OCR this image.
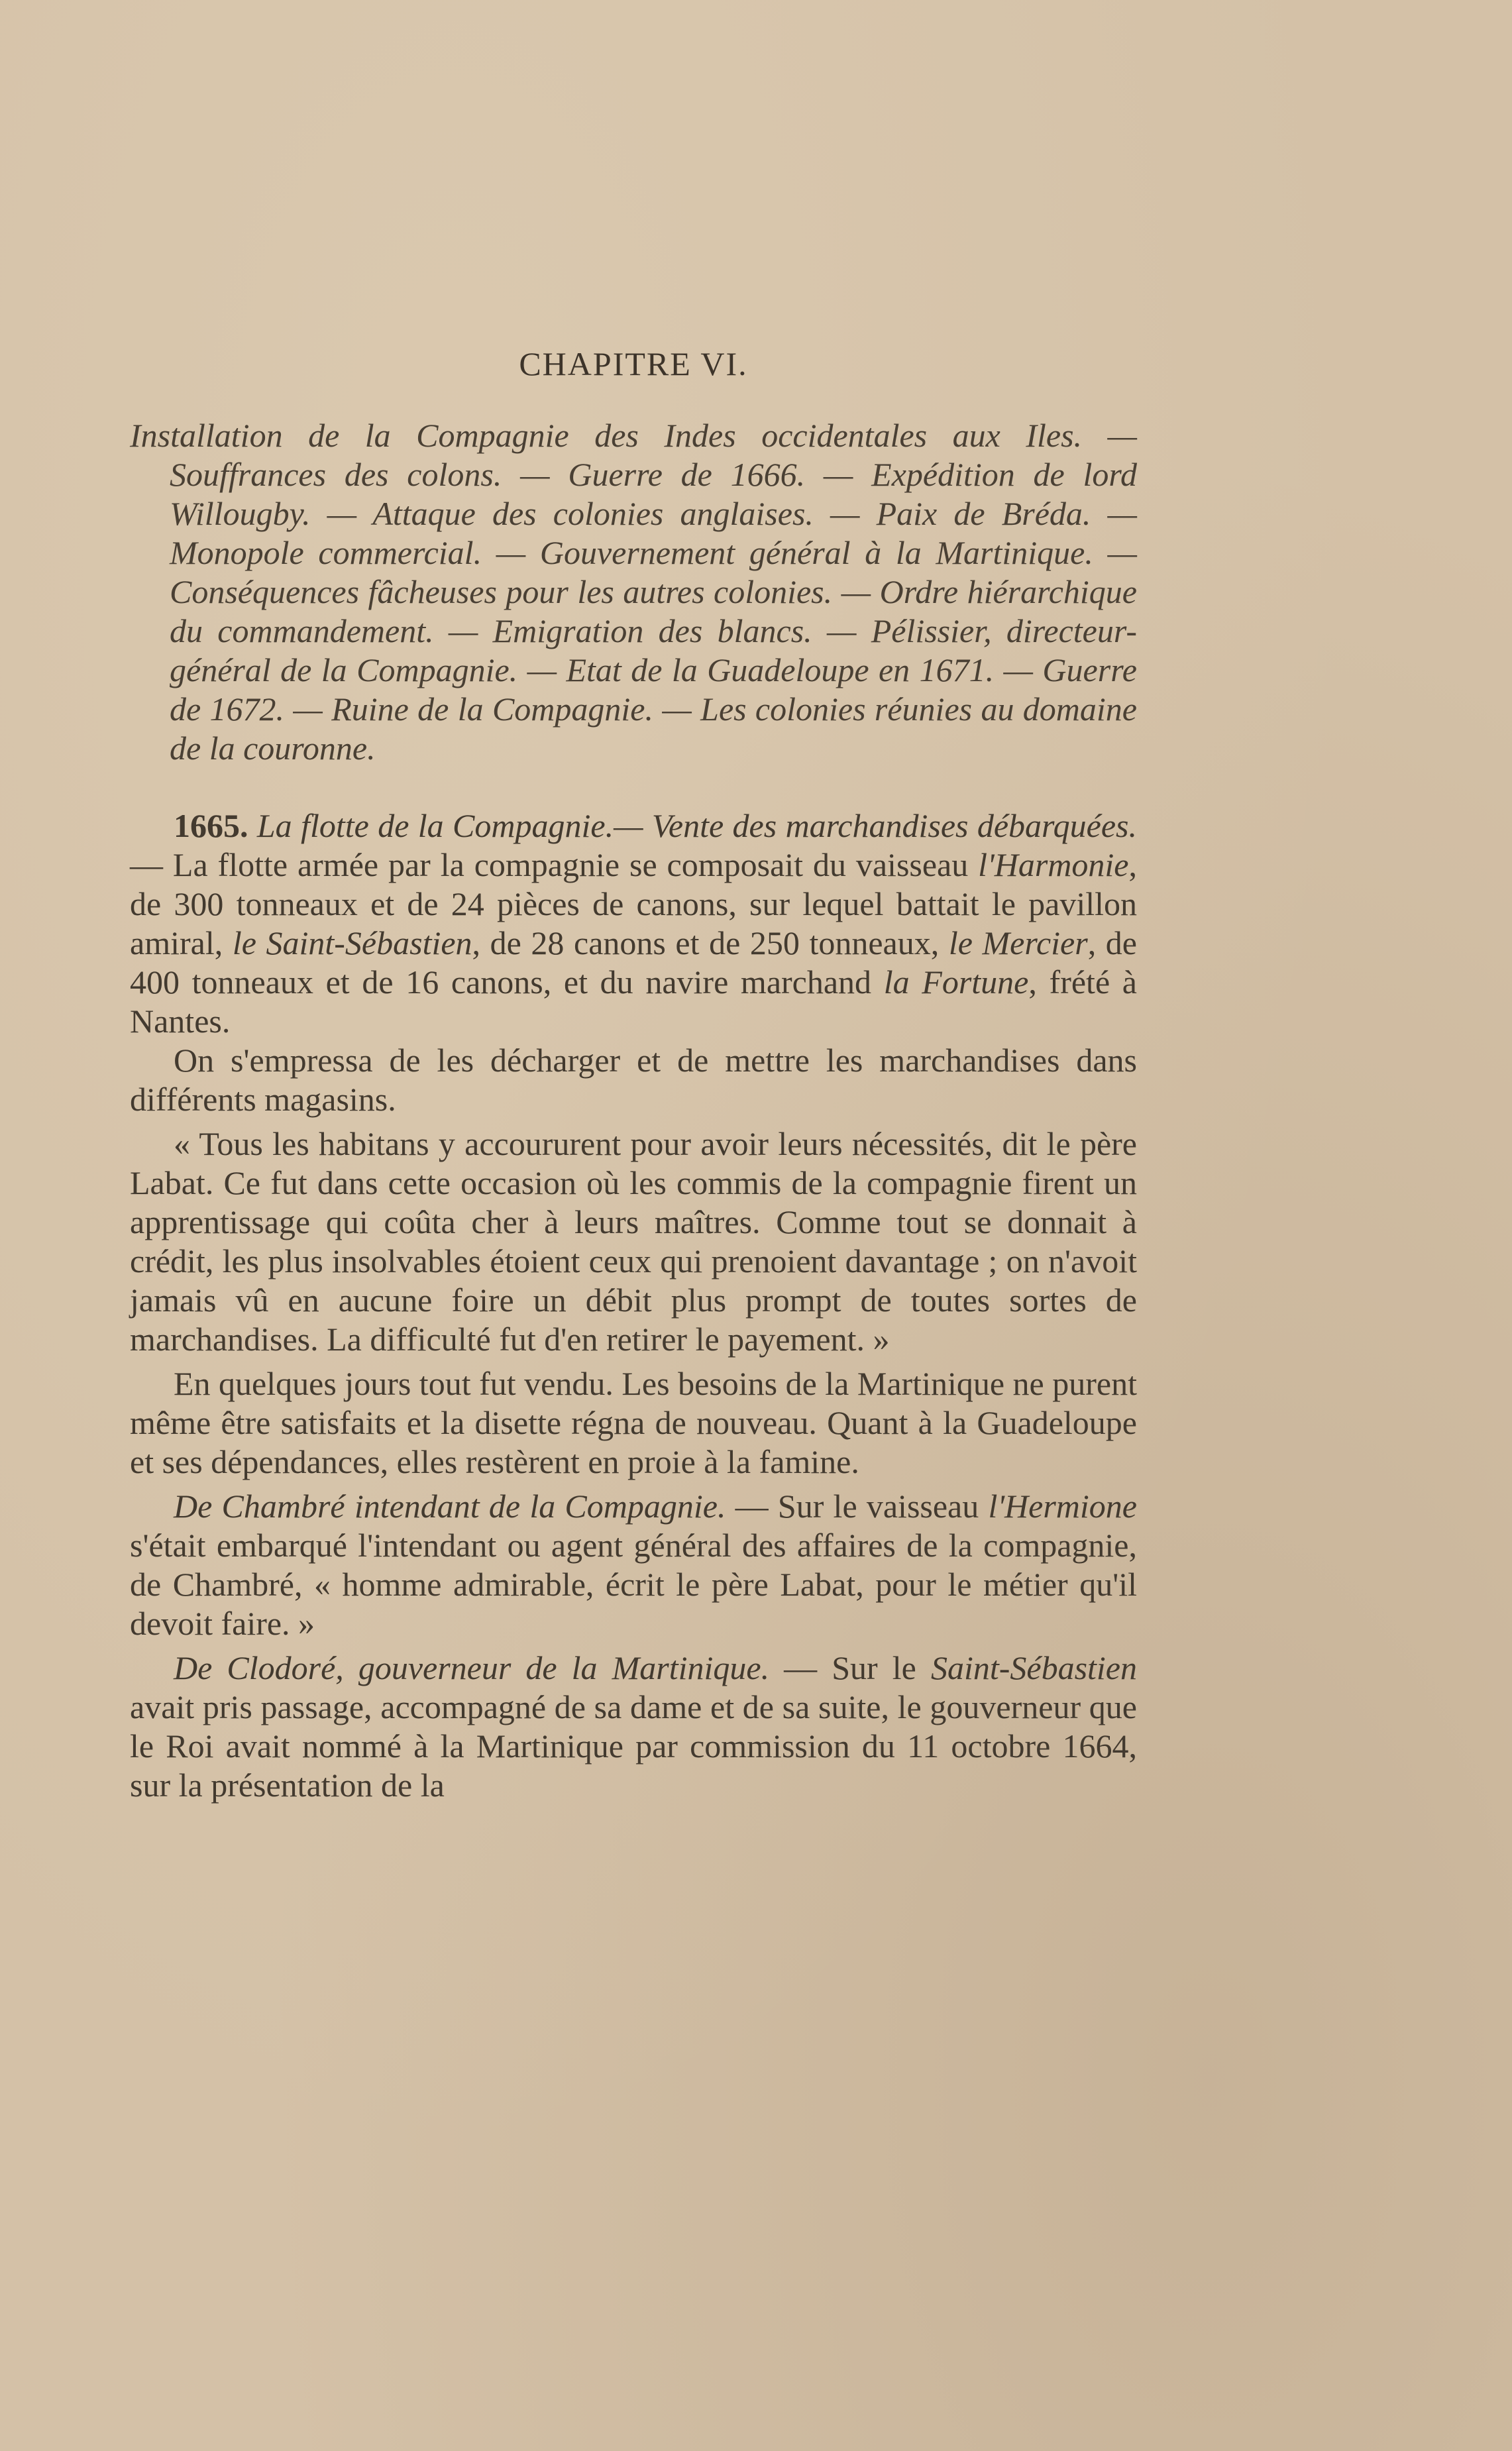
CHAPITRE VI.

Installation de la Compagnie des Indes occidentales aux Iles. — Souffrances des colons. — Guerre de 1666. — Expédition de lord Willougby. — Attaque des colonies anglaises. — Paix de Bréda. — Monopole commercial. — Gouvernement général à la Martinique. — Conséquences fâcheuses pour les autres colonies. — Ordre hiérarchique du commandement. — Emigration des blancs. — Pélissier, directeur-général de la Compagnie. — Etat de la Guadeloupe en 1671. — Guerre de 1672. — Ruine de la Compagnie. — Les colonies réunies au domaine de la couronne.

1665. La flotte de la Compagnie.— Vente des marchandises débarquées. — La flotte armée par la compagnie se composait du vaisseau l'Harmonie, de 300 tonneaux et de 24 pièces de canons, sur lequel battait le pavillon amiral, le Saint-Sébastien, de 28 canons et de 250 tonneaux, le Mercier, de 400 tonneaux et de 16 canons, et du navire marchand la Fortune, frété à Nantes.

On s'empressa de les décharger et de mettre les marchandises dans différents magasins.

« Tous les habitans y accoururent pour avoir leurs nécessités, dit le père Labat. Ce fut dans cette occasion où les commis de la compagnie firent un apprentissage qui coûta cher à leurs maîtres. Comme tout se donnait à crédit, les plus insolvables étoient ceux qui prenoient davantage ; on n'avoit jamais vû en aucune foire un débit plus prompt de toutes sortes de marchandises. La difficulté fut d'en retirer le payement. »

En quelques jours tout fut vendu. Les besoins de la Martinique ne purent même être satisfaits et la disette régna de nouveau. Quant à la Guadeloupe et ses dépendances, elles restèrent en proie à la famine.

De Chambré intendant de la Compagnie. — Sur le vaisseau l'Hermione s'était embarqué l'intendant ou agent général des affaires de la compagnie, de Chambré, « homme admirable, écrit le père Labat, pour le métier qu'il devoit faire. »

De Clodoré, gouverneur de la Martinique. — Sur le Saint-Sébastien avait pris passage, accompagné de sa dame et de sa suite, le gouverneur que le Roi avait nommé à la Martinique par commission du 11 octobre 1664, sur la présentation de la
